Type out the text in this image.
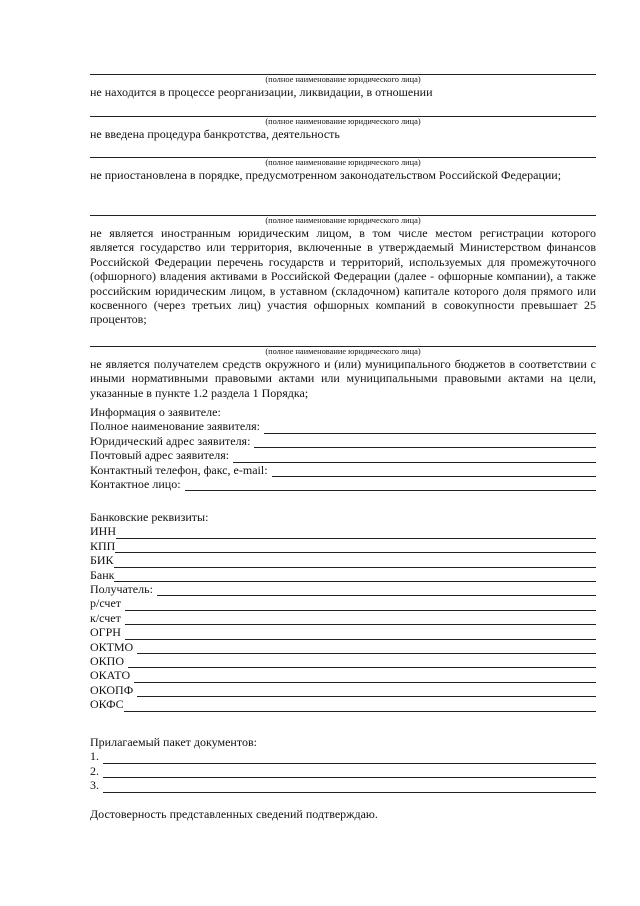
(полное наименование юридического лица)
не находится в процессе реорганизации, ликвидации, в отношении
(полное наименование юридического лица)
не введена процедура банкротства, деятельность
(полное наименование юридического лица)
не приостановлена в порядке, предусмотренном законодательством Российской Федерации;
(полное наименование юридического лица)
не является иностранным юридическим лицом, в том числе местом регистрации которого является государство или территория, включенные в утверждаемый Министерством финансов Российской Федерации перечень государств и территорий, используемых для промежуточного (офшорного) владения активами в Российской Федерации (далее - офшорные компании), а также российским юридическим лицом, в уставном (складочном) капитале которого доля прямого или косвенного (через третьих лиц) участия офшорных компаний в совокупности превышает 25 процентов;
(полное наименование юридического лица)
не является получателем средств окружного и (или) муниципального бюджетов в соответствии с иными нормативными правовыми актами или муниципальными правовыми актами на цели, указанные в пункте 1.2 раздела 1 Порядка;
Информация о заявителе:
Полное наименование заявителя:
Юридический адрес заявителя:
Почтовый адрес заявителя:
Контактный телефон, факс, e-mail:
Контактное лицо:
Банковские реквизиты:
ИНН
КПП
БИК
Банк
Получатель:
р/счет
к/счет
ОГРН
ОКТМО
ОКПО
ОКАТО
ОКОПФ
ОКФС
Прилагаемый пакет документов:
1.
2.
3.
Достоверность представленных сведений подтверждаю.
